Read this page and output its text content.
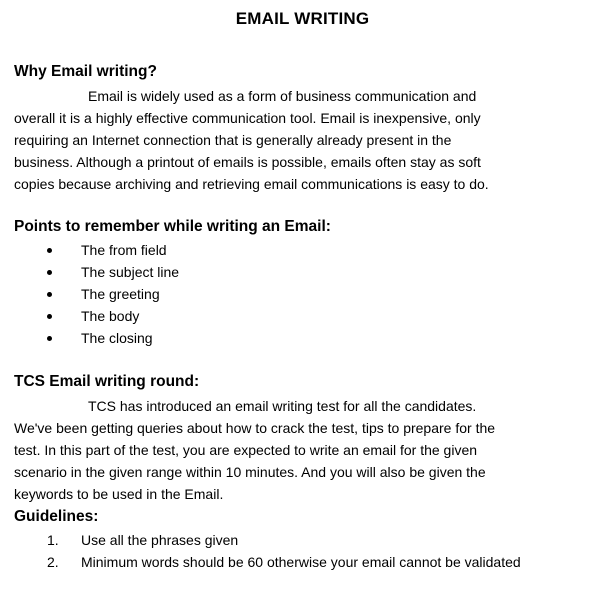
EMAIL WRITING
Why Email writing?
Email is widely used as a form of business communication and
overall it is a highly effective communication tool. Email is inexpensive, only
requiring an Internet connection that is generally already present in the
business. Although a printout of emails is possible, emails often stay as soft
copies because archiving and retrieving email communications is easy to do.
Points to remember while writing an Email:
The from field
The subject line
The greeting
The body
The closing
TCS Email writing round:
TCS has introduced an email writing test for all the candidates.
We've been getting queries about how to crack the test, tips to prepare for the
test. In this part of the test, you are expected to write an email for the given
scenario in the given range within 10 minutes. And you will also be given the
keywords to be used in the Email.
Guidelines:
1. Use all the phrases given
2. Minimum words should be 60 otherwise your email cannot be validated
